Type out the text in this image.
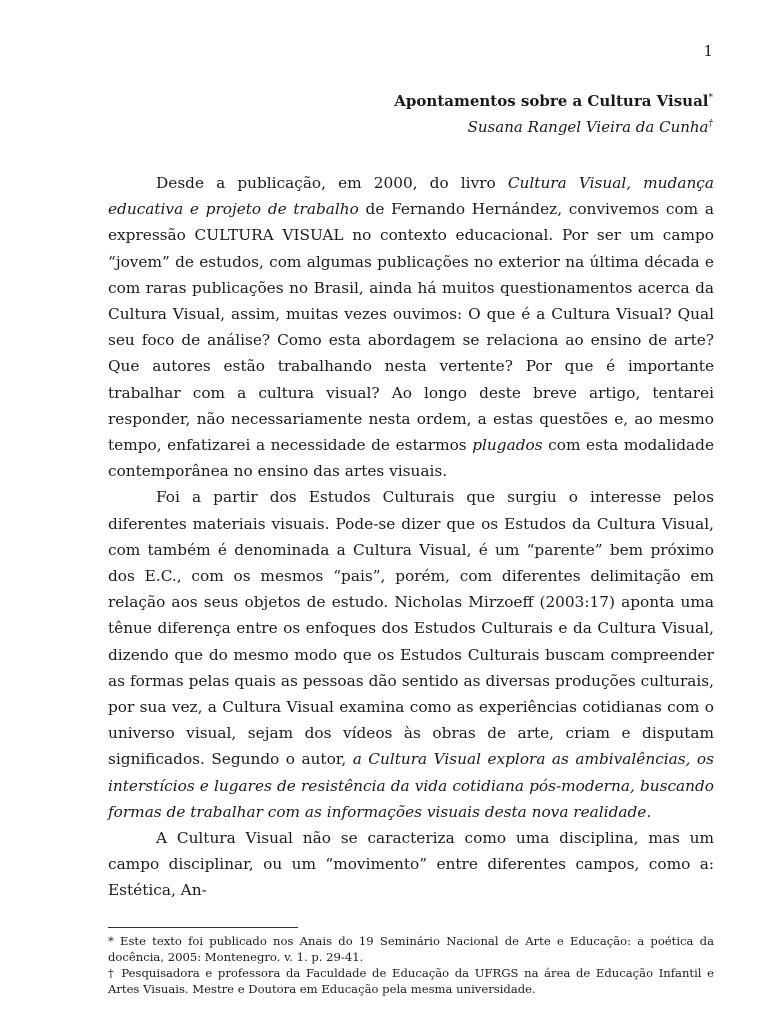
1
Apontamentos sobre a Cultura Visual*
Susana Rangel Vieira da Cunha†

Desde a publicação, em 2000, do livro Cultura Visual, mudança educativa e projeto de trabalho de Fernando Hernández, convivemos com a expressão CULTURA VISUAL no contexto educacional. Por ser um campo “jovem” de estudos, com algumas publicações no exterior na última década e com raras publicações no Brasil, ainda há muitos questionamentos acerca da Cultura Visual, assim, muitas vezes ouvimos: O que é a Cultura Visual? Qual seu foco de análise? Como esta abordagem se relaciona ao ensino de arte? Que autores estão trabalhando nesta vertente? Por que é importante trabalhar com a cultura visual? Ao longo deste breve artigo, tentarei responder, não necessariamente nesta ordem, a estas questões e, ao mesmo tempo, enfatizarei a necessidade de estarmos plugados com esta modalidade contemporânea no ensino das artes visuais.

Foi a partir dos Estudos Culturais que surgiu o interesse pelos diferentes materiais visuais. Pode-se dizer que os Estudos da Cultura Visual, com também é denominada a Cultura Visual, é um “parente” bem próximo dos E.C., com os mesmos “pais”, porém, com diferentes delimitação em relação aos seus objetos de estudo. Nicholas Mirzoeff (2003:17) aponta uma tênue diferença entre os enfoques dos Estudos Culturais e da Cultura Visual, dizendo que do mesmo modo que os Estudos Culturais buscam compreender as formas pelas quais as pessoas dão sentido as diversas produções culturais, por sua vez, a Cultura Visual examina como as experiências cotidianas com o universo visual, sejam dos vídeos às obras de arte, criam e disputam significados. Segundo o autor, a Cultura Visual explora as ambivalências, os interstícios e lugares de resistência da vida cotidiana pós-moderna, buscando formas de trabalhar com as informações visuais desta nova realidade.

A Cultura Visual não se caracteriza como uma disciplina, mas um campo disciplinar, ou um “movimento” entre diferentes campos, como a: Estética, An-

* Este texto foi publicado nos Anais do 19 Seminário Nacional de Arte e Educação: a poética da docência, 2005: Montenegro. v. 1. p. 29-41.

† Pesquisadora e professora da Faculdade de Educação da UFRGS na área de Educação Infantil e Artes Visuais. Mestre e Doutora em Educação pela mesma universidade.
